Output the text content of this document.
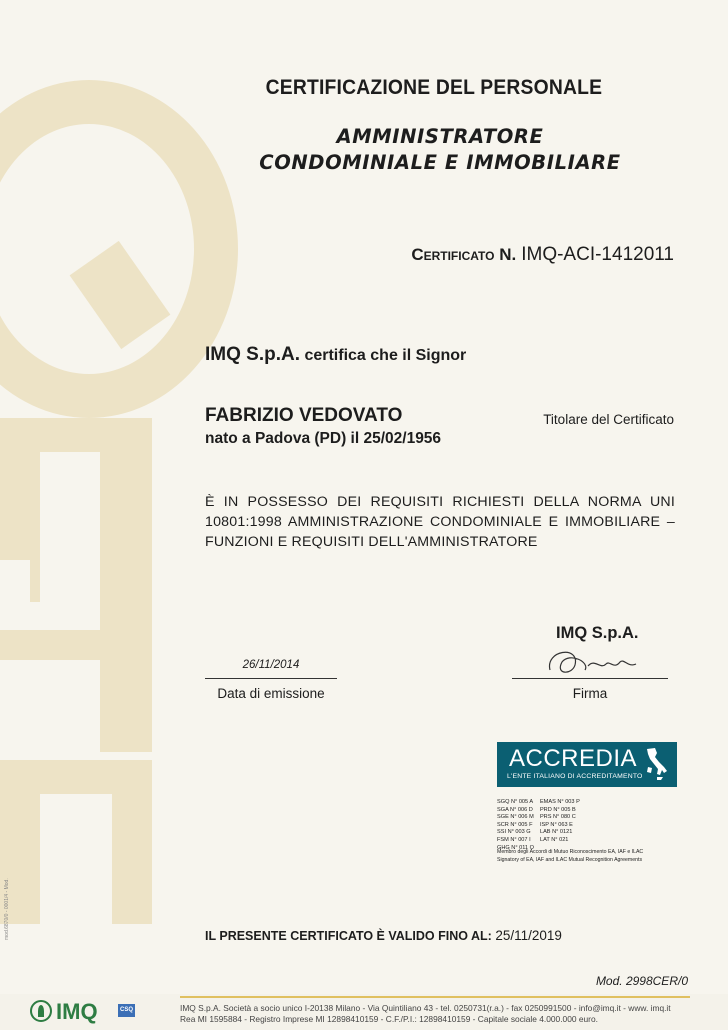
CERTIFICAZIONE DEL PERSONALE
AMMINISTRATORE
CONDOMINIALE E IMMOBILIARE
Certificato N. IMQ-ACI-1412011
IMQ S.p.A. certifica che il Signor
FABRIZIO VEDOVATO	Titolare del Certificato
nato a Padova (PD) il 25/02/1956
È IN POSSESSO DEI REQUISITI RICHIESTI DELLA NORMA UNI 10801:1998 AMMINISTRAZIONE CONDOMINIALE E IMMOBILIARE – FUNZIONI E REQUISITI DELL'AMMINISTRATORE
IMQ S.p.A.
26/11/2014
Data di emissione	Firma
ACCREDIA
L'ENTE ITALIANO DI ACCREDITAMENTO
SGQ N° 005 A	EMAS N° 003 P
SGA N° 006 D	PRD N° 005 B
SGE N° 006 M	PRS N° 080 C
SCR N° 005 F	ISP N° 063 E
SSI N° 003 G	LAB N° 0121
FSM N° 007 I	LAT N° 021
GHG N° 011 O	
Membro degli Accordi di Mutuo Riconoscimento EA, IAF e ILAC
Signatory of EA, IAF and ILAC Mutual Recognition Agreements
IL PRESENTE CERTIFICATO È VALIDO FINO AL: 25/11/2019
Mod. 2998CER/0
IMQ	CSQ	IMQ S.p.A. Società a socio unico I-20138 Milano - Via Quintiliano 43 - tel. 0250731(r.a.) - fax 0250991500 - info@imq.it - www. imq.it
Rea MI 1595884 - Registro Imprese MI 12898410159 - C.F./P.I.: 12898410159 - Capitale sociale 4.000.000 euro.
mod.6870/0 - 0001/4 - Mod.
